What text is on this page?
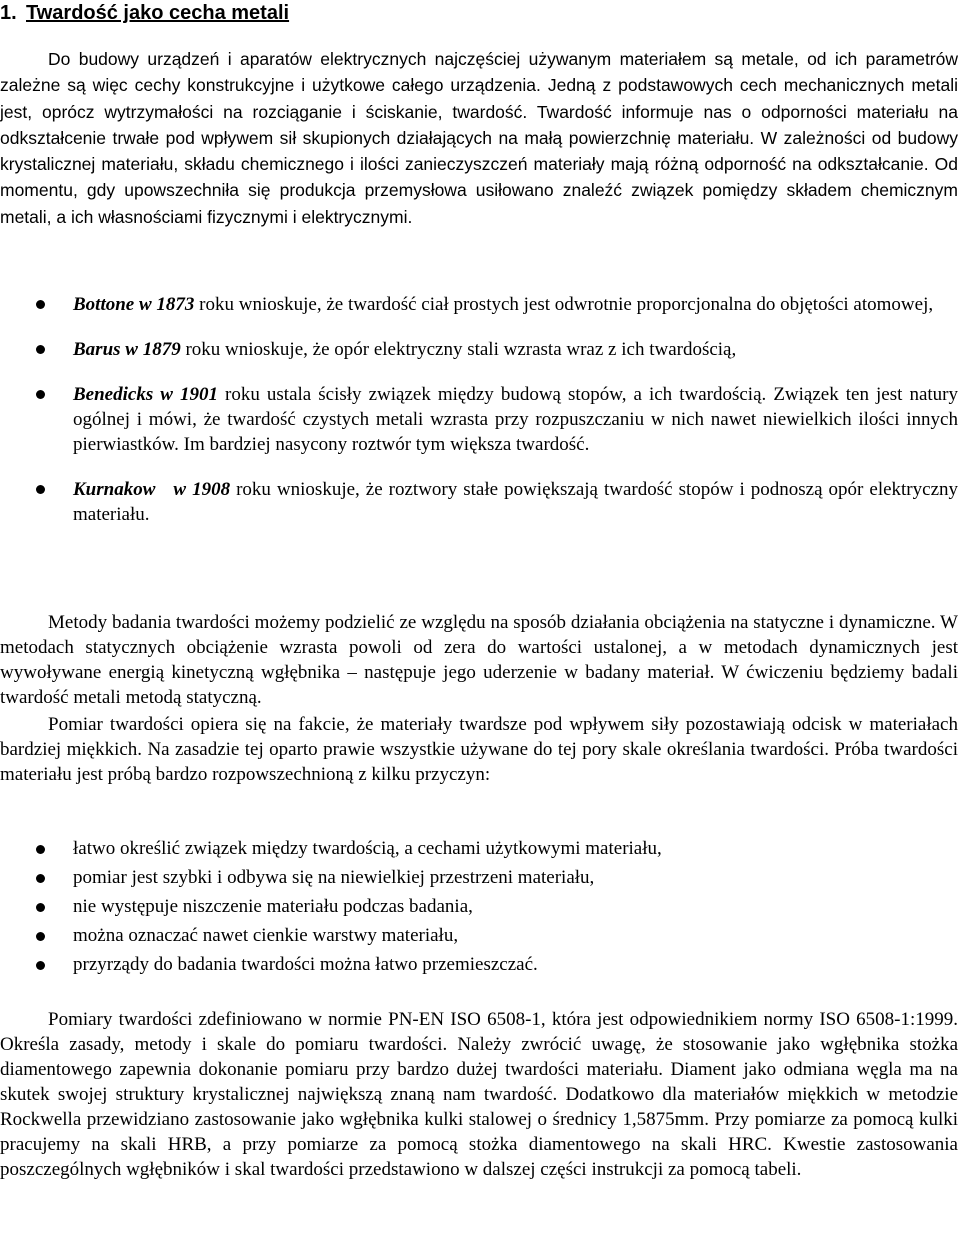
1. Twardość jako cecha metali

Do budowy urządzeń i aparatów elektrycznych najczęściej używanym materiałem są metale, od ich parametrów zależne są więc cechy konstrukcyjne i użytkowe całego urządzenia. Jedną z podstawowych cech mechanicznych metali jest, oprócz wytrzymałości na rozciąganie i ściskanie, twardość. Twardość informuje nas o odporności materiału na odkształcenie trwałe pod wpływem sił skupionych działających na małą powierzchnię materiału. W zależności od budowy krystalicznej materiału, składu chemicznego i ilości zanieczyszczeń materiały mają różną odporność na odkształcanie. Od momentu, gdy upowszechniła się produkcja przemysłowa usiłowano znaleźć związek pomiędzy składem chemicznym metali, a ich własnościami fizycznymi i elektrycznymi.

Bottone w 1873 roku wnioskuje, że twardość ciał prostych jest odwrotnie proporcjonalna do objętości atomowej,
Barus w 1879 roku wnioskuje, że opór elektryczny stali wzrasta wraz z ich twardością,
Benedicks w 1901 roku ustala ścisły związek między budową stopów, a ich twardością. Związek ten jest natury ogólnej i mówi, że twardość czystych metali wzrasta przy rozpuszczaniu w nich nawet niewielkich ilości innych pierwiastków. Im bardziej nasycony roztwór tym większa twardość.
Kurnakow   w 1908 roku wnioskuje, że roztwory stałe powiększają twardość stopów i podnoszą opór elektryczny materiału.

Metody badania twardości możemy podzielić ze względu na sposób działania obciążenia na statyczne i dynamiczne. W metodach statycznych obciążenie wzrasta powoli od zera do wartości ustalonej, a w metodach dynamicznych jest wywoływane energią kinetyczną wgłębnika – następuje jego uderzenie w badany materiał. W ćwiczeniu będziemy badali twardość metali metodą statyczną.

Pomiar twardości opiera się na fakcie, że materiały twardsze pod wpływem siły pozostawiają odcisk w materiałach bardziej miękkich. Na zasadzie tej oparto prawie wszystkie używane do tej pory skale określania twardości. Próba twardości materiału jest próbą bardzo rozpowszechnioną z kilku przyczyn:

łatwo określić związek między twardością, a cechami użytkowymi materiału,
pomiar jest szybki i odbywa się na niewielkiej przestrzeni materiału,
nie występuje niszczenie materiału podczas badania,
można oznaczać nawet cienkie warstwy materiału,
przyrządy do badania twardości można łatwo przemieszczać.

Pomiary twardości zdefiniowano w normie PN-EN ISO 6508-1, która jest odpowiednikiem normy ISO 6508-1:1999. Określa zasady, metody i skale do pomiaru twardości. Należy zwrócić uwagę, że stosowanie jako wgłębnika stożka diamentowego zapewnia dokonanie pomiaru przy bardzo dużej twardości materiału. Diament jako odmiana węgla ma na skutek swojej struktury krystalicznej największą znaną nam twardość. Dodatkowo dla materiałów miękkich w metodzie Rockwella przewidziano zastosowanie jako wgłębnika kulki stalowej o średnicy 1,5875mm. Przy pomiarze za pomocą kulki pracujemy na skali HRB, a przy pomiarze za pomocą stożka diamentowego na skali HRC. Kwestie zastosowania poszczególnych wgłębników i skal twardości przedstawiono w dalszej części instrukcji za pomocą tabeli.
